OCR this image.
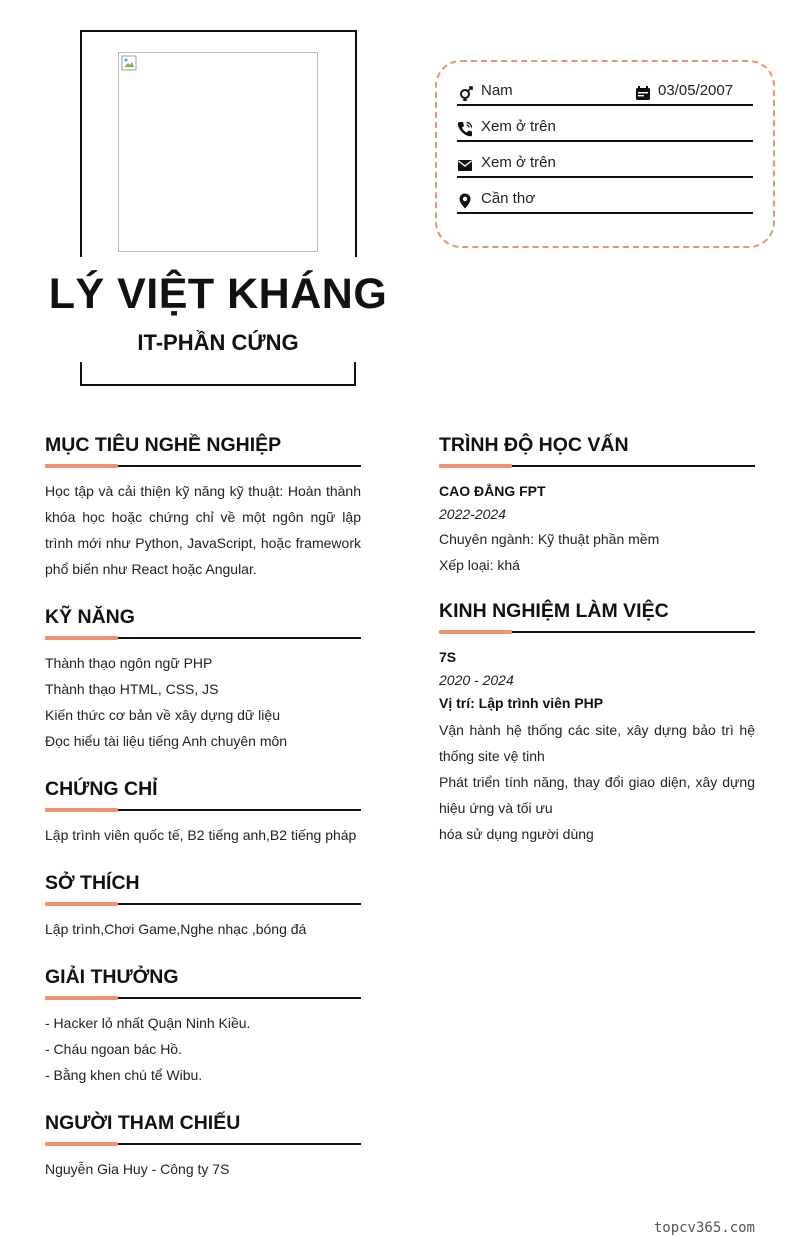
LÝ VIỆT KHÁNG
IT-PHẦN CỨNG
Nam	03/05/2007
Xem ở trên
Xem ở trên
Cần thơ
MỤC TIÊU NGHỀ NGHIỆP
Học tập và cải thiện kỹ năng kỹ thuật: Hoàn thành khóa học hoặc chứng chỉ về một ngôn ngữ lập trình mới như Python, JavaScript, hoặc framework phổ biến như React hoặc Angular.
KỸ NĂNG
Thành thạo ngôn ngữ PHP
Thành thạo HTML, CSS, JS
Kiến thức cơ bản về xây dựng dữ liệu
Đọc hiểu tài liệu tiếng Anh chuyên môn
CHỨNG CHỈ
Lập trình viên quốc tế, B2 tiếng anh,B2 tiếng pháp
SỞ THÍCH
Lập trình,Chơi Game,Nghe nhạc ,bóng đá
GIẢI THƯỞNG
- Hacker lỏ nhất Quận Ninh Kiều.
- Cháu ngoan bác Hồ.
- Bằng khen chú tể Wibu.
NGƯỜI THAM CHIẾU
Nguyễn Gia Huy - Công ty 7S
TRÌNH ĐỘ HỌC VẤN
CAO ĐẲNG FPT
2022-2024
Chuyên ngành: Kỹ thuật phần mềm
Xếp loại: khá
KINH NGHIỆM LÀM VIỆC
7S
2020 - 2024
Vị trí: Lập trình viên PHP
Vận hành hệ thống các site, xây dựng bảo trì hệ thống site vệ tinh
Phát triển tính năng, thay đổi giao diện, xây dựng hiệu ứng và tối ưu
hóa sử dụng người dùng
topcv365.com
